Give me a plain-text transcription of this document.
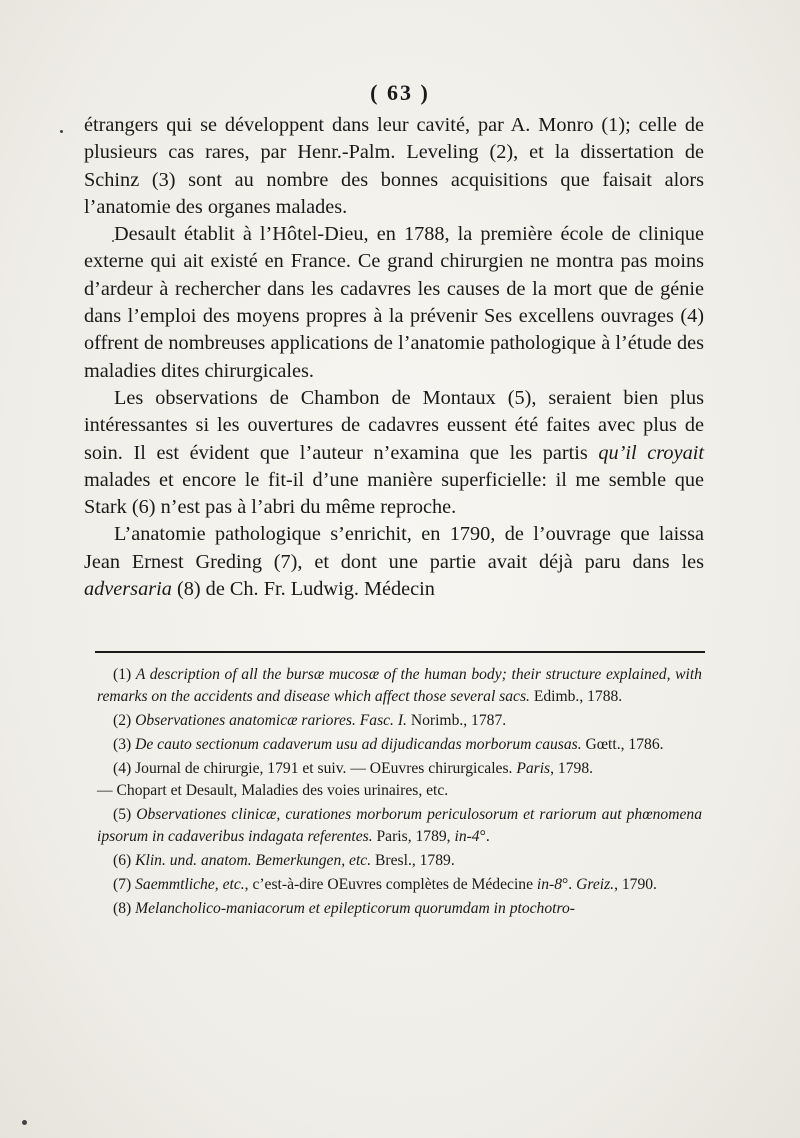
( 63 )

étrangers qui se développent dans leur cavité, par A. Monro (1); celle de plusieurs cas rares, par Henr.-Palm. Leveling (2), et la dissertation de Schinz (3) sont au nombre des bonnes acquisitions que faisait alors l’anatomie des organes malades.

Desault établit à l’Hôtel-Dieu, en 1788, la première école de clinique externe qui ait existé en France. Ce grand chirurgien ne montra pas moins d’ardeur à rechercher dans les cadavres les causes de la mort que de génie dans l’emploi des moyens propres à la prévenir Ses excellens ouvrages (4) offrent de nombreuses applications de l’anatomie pathologique à l’étude des maladies dites chirurgicales.

Les observations de Chambon de Montaux (5), seraient bien plus intéressantes si les ouvertures de cadavres eussent été faites avec plus de soin. Il est évident que l’auteur n’examina que les partis qu’il croyait malades et encore le fit-il d’une manière superficielle: il me semble que Stark (6) n’est pas à l’abri du même reproche.

L’anatomie pathologique s’enrichit, en 1790, de l’ouvrage que laissa Jean Ernest Greding (7), et dont une partie avait déjà paru dans les adversaria (8) de Ch. Fr. Ludwig. Médecin

(1) A description of all the bursæ mucosæ of the human body; their structure explained, with remarks on the accidents and disease which affect those several sacs. Edimb., 1788.

(2) Observationes anatomicæ rariores. Fasc. I. Norimb., 1787.

(3) De cauto sectionum cadaverum usu ad dijudicandas morborum causas. Gœtt., 1786.

(4) Journal de chirurgie, 1791 et suiv. — OEuvres chirurgicales. Paris, 1798.

— Chopart et Desault, Maladies des voies urinaires, etc.

(5) Observationes clinicæ, curationes morborum periculosorum et rariorum aut phœnomena ipsorum in cadaveribus indagata referentes. Paris, 1789, in-4°.

(6) Klin. und. anatom. Bemerkungen, etc. Bresl., 1789.

(7) Saemmtliche, etc., c’est-à-dire OEuvres complètes de Médecine in-8°. Greiz., 1790.

(8) Melancholico-maniacorum et epilepticorum quorumdam in ptochotro-
